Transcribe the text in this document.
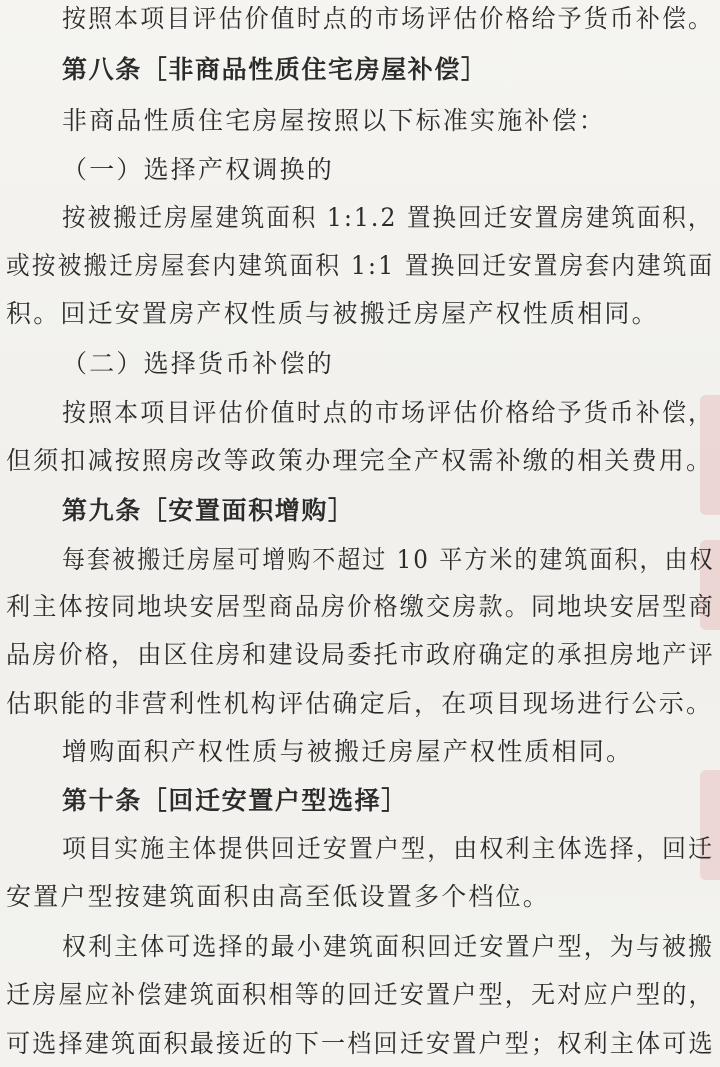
按照本项目评估价值时点的市场评估价格给予货币补偿。
第八条［非商品性质住宅房屋补偿］
非商品性质住宅房屋按照以下标准实施补偿：
（一）选择产权调换的
按被搬迁房屋建筑面积 1:1.2 置换回迁安置房建筑面积，
或按被搬迁房屋套内建筑面积 1:1 置换回迁安置房套内建筑面
积。回迁安置房产权性质与被搬迁房屋产权性质相同。
（二）选择货币补偿的
按照本项目评估价值时点的市场评估价格给予货币补偿，
但须扣减按照房改等政策办理完全产权需补缴的相关费用。
第九条［安置面积增购］
每套被搬迁房屋可增购不超过 10 平方米的建筑面积，由权
利主体按同地块安居型商品房价格缴交房款。同地块安居型商
品房价格，由区住房和建设局委托市政府确定的承担房地产评
估职能的非营利性机构评估确定后，在项目现场进行公示。
增购面积产权性质与被搬迁房屋产权性质相同。
第十条［回迁安置户型选择］
项目实施主体提供回迁安置户型，由权利主体选择，回迁
安置户型按建筑面积由高至低设置多个档位。
权利主体可选择的最小建筑面积回迁安置户型，为与被搬
迁房屋应补偿建筑面积相等的回迁安置户型，无对应户型的，
可选择建筑面积最接近的下一档回迁安置户型；权利主体可选
